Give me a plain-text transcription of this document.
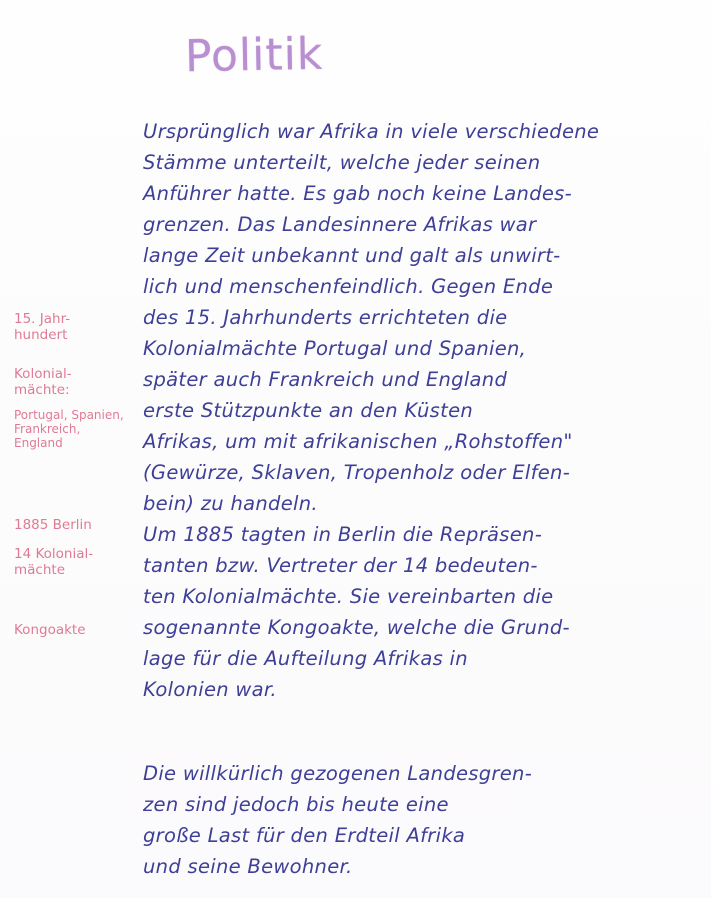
Politik
Ursprünglich war Afrika in viele verschiedene
Stämme unterteilt, welche jeder seinen
Anführer hatte. Es gab noch keine Landes-
grenzen. Das Landesinnere Afrikas war
lange Zeit unbekannt und galt als unwirt-
lich und menschenfeindlich. Gegen Ende
des 15. Jahrhunderts errichteten die
Kolonialmächte Portugal und Spanien,
später auch Frankreich und England
erste Stützpunkte an den Küsten
Afrikas, um mit afrikanischen „Rohstoffen"
(Gewürze, Sklaven, Tropenholz oder Elfen-
bein) zu handeln.
Um 1885 tagten in Berlin die Repräsen-
tanten bzw. Vertreter der 14 bedeuten-
ten Kolonialmächte. Sie vereinbarten die
sogenannte Kongoakte, welche die Grund-
lage für die Aufteilung Afrikas in
Kolonien war.
Die willkürlich gezogenen Landesgren-
zen sind jedoch bis heute eine
große Last für den Erdteil Afrika
und seine Bewohner.
15. Jahr-
hundert
Kolonial-
mächte:
Portugal, Spanien,
Frankreich,
England
1885 Berlin
14 Kolonial-
mächte
Kongoakte
